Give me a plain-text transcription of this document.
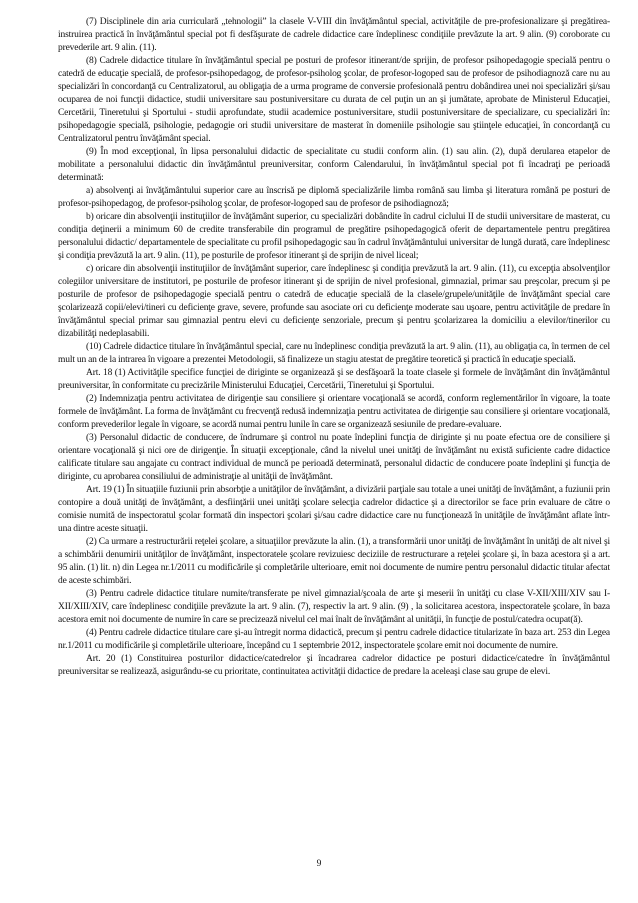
(7) Disciplinele din aria curriculară „tehnologii” la clasele V-VIII din învăţământul special, activităţile de pre-profesionalizare şi pregătirea-instruirea practică în învăţământul special pot fi desfăşurate de cadrele didactice care îndeplinesc condiţiile prevăzute la art. 9 alin. (9) coroborate cu prevederile art. 9 alin. (11).

(8) Cadrele didactice titulare în învăţământul special pe posturi de profesor itinerant/de sprijin, de profesor psihopedagogie specială pentru o catedră de educaţie specială, de profesor-psihopedagog, de profesor-psiholog şcolar, de profesor-logoped sau de profesor de psihodiagnoză care nu au specializări în concordanţă cu Centralizatorul, au obligaţia de a urma programe de conversie profesională pentru dobândirea unei noi specializări şi/sau ocuparea de noi funcţii didactice, studii universitare sau postuniversitare cu durata de cel puţin un an şi jumătate, aprobate de Ministerul Educaţiei, Cercetării, Tineretului şi Sportului - studii aprofundate, studii academice postuniversitare, studii postuniversitare de specializare, cu specializări în: psihopedagogie specială, psihologie, pedagogie ori studii universitare de masterat în domeniile psihologie sau ştiinţele educaţiei, în concordanţă cu Centralizatorul pentru învăţământ special.

(9) În mod excepţional, în lipsa personalului didactic de specialitate cu studii conform alin. (1) sau alin. (2), după derularea etapelor de mobilitate a personalului didactic din învăţământul preuniversitar, conform Calendarului, în învăţământul special pot fi încadraţi pe perioadă determinată:

a) absolvenţi ai învăţământului superior care au înscrisă pe diplomă specializările limba română sau limba şi literatura română pe posturi de profesor-psihopedagog, de profesor-psiholog şcolar, de profesor-logoped sau de profesor de psihodiagnoză;

b) oricare din absolvenţii instituţiilor de învăţământ superior, cu specializări dobândite în cadrul ciclului II de studii universitare de masterat, cu condiţia deţinerii a minimum 60 de credite transferabile din programul de pregătire psihopedagogică oferit de departamentele pentru pregătirea personalului didactic/ departamentele de specialitate cu profil psihopedagogic sau în cadrul învăţământului universitar de lungă durată, care îndeplinesc şi condiţia prevăzută la art. 9 alin. (11), pe posturile de profesor itinerant şi de sprijin de nivel liceal;

c) oricare din absolvenţii instituţiilor de învăţământ superior, care îndeplinesc şi condiţia prevăzută la art. 9 alin. (11), cu excepţia absolvenţilor colegiilor universitare de institutori, pe posturile de profesor itinerant şi de sprijin de nivel profesional, gimnazial, primar sau preşcolar, precum şi pe posturile de profesor de psihopedagogie specială pentru o catedră de educaţie specială de la clasele/grupele/unităţile de învăţământ special care şcolarizează copii/elevi/tineri cu deficienţe grave, severe, profunde sau asociate ori cu deficienţe moderate sau uşoare, pentru activităţile de predare în învăţământul special primar sau gimnazial pentru elevi cu deficienţe senzoriale, precum şi pentru şcolarizarea la domiciliu a elevilor/tinerilor cu dizabilităţi nedeplasabili.

(10) Cadrele didactice titulare în învăţământul special, care nu îndeplinesc condiţia prevăzută la art. 9 alin. (11), au obligaţia ca, în termen de cel mult un an de la intrarea în vigoare a prezentei Metodologii, să finalizeze un stagiu atestat de pregătire teoretică şi practică în educaţie specială.

Art. 18 (1) Activităţile specifice funcţiei de diriginte se organizează şi se desfăşoară la toate clasele şi formele de învăţământ din învăţământul preuniversitar, în conformitate cu precizările Ministerului Educaţiei, Cercetării, Tineretului şi Sportului.

(2) Indemnizaţia pentru activitatea de dirigenţie sau consiliere şi orientare vocaţională se acordă, conform reglementărilor în vigoare, la toate formele de învăţământ. La forma de învăţământ cu frecvenţă redusă indemnizaţia pentru activitatea de dirigenţie sau consiliere şi orientare vocaţională, conform prevederilor legale în vigoare, se acordă numai pentru lunile în care se organizează sesiunile de predare-evaluare.

(3) Personalul didactic de conducere, de îndrumare şi control nu poate îndeplini funcţia de diriginte şi nu poate efectua ore de consiliere şi orientare vocaţională şi nici ore de dirigenţie. În situaţii excepţionale, când la nivelul unei unităţi de învăţământ nu există suficiente cadre didactice calificate titulare sau angajate cu contract individual de muncă pe perioadă determinată, personalul didactic de conducere poate îndeplini şi funcţia de diriginte, cu aprobarea consiliului de administraţie al unităţii de învăţământ.

Art. 19 (1) În situaţiile fuziunii prin absorbţie a unităţilor de învăţământ, a divizării parţiale sau totale a unei unităţi de învăţământ, a fuziunii prin contopire a două unităţi de învăţământ, a desfiinţării unei unităţi şcolare selecţia cadrelor didactice şi a directorilor se face prin evaluare de către o comisie numită de inspectoratul şcolar formată din inspectori şcolari şi/sau cadre didactice care nu funcţionează în unităţile de învăţământ aflate într-una dintre aceste situaţii.

(2) Ca urmare a restructurării reţelei şcolare, a situaţiilor prevăzute la alin. (1), a transformării unor unităţi de învăţământ în unităţi de alt nivel şi a schimbării denumirii unităţilor de învăţământ, inspectoratele şcolare revizuiesc deciziile de restructurare a reţelei şcolare şi, în baza acestora şi a art. 95 alin. (1) lit. n) din Legea nr.1/2011 cu modificările şi completările ulterioare, emit noi documente de numire pentru personalul didactic titular afectat de aceste schimbări.

(3) Pentru cadrele didactice titulare numite/transferate pe nivel gimnazial/şcoala de arte şi meserii în unităţi cu clase V-XII/XIII/XIV sau I-XII/XIII/XIV, care îndeplinesc condiţiile prevăzute la art. 9 alin. (7), respectiv la art. 9 alin. (9) , la solicitarea acestora, inspectoratele şcolare, în baza acestora emit noi documente de numire în care se precizează nivelul cel mai înalt de învăţământ al unităţii, în funcţie de postul/catedra ocupat(ă).

(4) Pentru cadrele didactice titulare care şi-au întregit norma didactică, precum şi pentru cadrele didactice titularizate în baza art. 253 din Legea nr.1/2011 cu modificările şi completările ulterioare, începând cu 1 septembrie 2012, inspectoratele şcolare emit noi documente de numire.

Art. 20 (1) Constituirea posturilor didactice/catedrelor şi încadrarea cadrelor didactice pe posturi didactice/catedre în învăţământul preuniversitar se realizează, asigurându-se cu prioritate, continuitatea activităţii didactice de predare la aceleaşi clase sau grupe de elevi.

9
